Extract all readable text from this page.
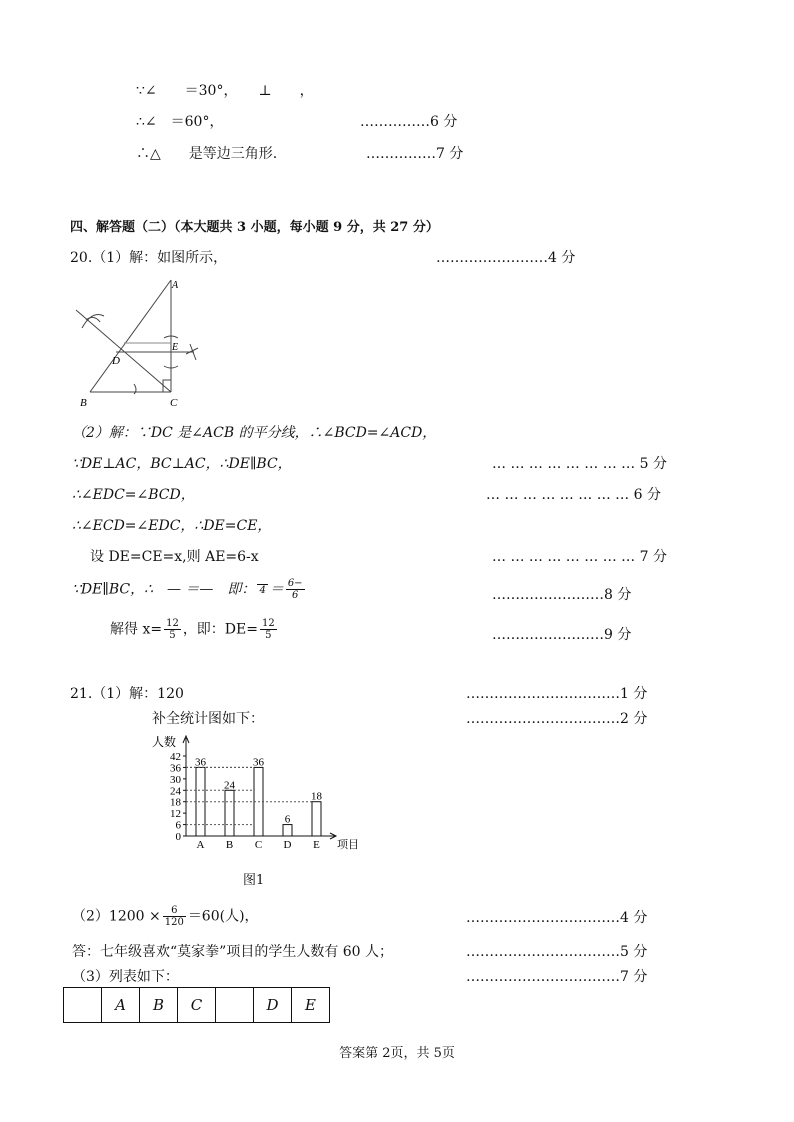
∵∠　　＝30°，　　⊥　　，
∴∠　＝60°，	……………6 分
∴△　　是等边三角形.	……………7 分
四、解答题（二）（本大题共 3 小题，每小题 9 分，共 27 分）
20.（1）解：如图所示，	……………………4 分
A
B	C
D
E
（2）解：∵DC 是∠ACB 的平分线，∴∠BCD=∠ACD，
∵DE⊥AC，BC⊥AC，∴DE∥BC，	… … … … … … … … 5 分
∴∠EDC=∠BCD，	… … … … … … … … 6 分
∴∠ECD=∠EDC，∴DE=CE，
设 DE=CE=x,则 AE=6-x	… … … … … … … … 7 分
∵DE∥BC，∴　— ＝—　即： $4 = \frac{6-}{6}$	……………………8 分
解得 $x= \frac{12}{5}$ ，即：$DE= \frac{12}{5}$	……………………9 分
21.（1）解：120	……………………………1 分
补全统计图如下：	……………………………2 分
0
6
12
18
24
30
36
42
人数
项目
36
A
24
B
36
C
6
D
18
E
图1
$(2)1200 \times \frac{6}{120} =60$(人)，	……………………………4 分
答：七年级喜欢“莫家拳”项目的学生人数有 60 人；	……………………………5 分
（3）列表如下：	……………………………7 分
	A	B	C		D	E
答案第 2页，共 5页
